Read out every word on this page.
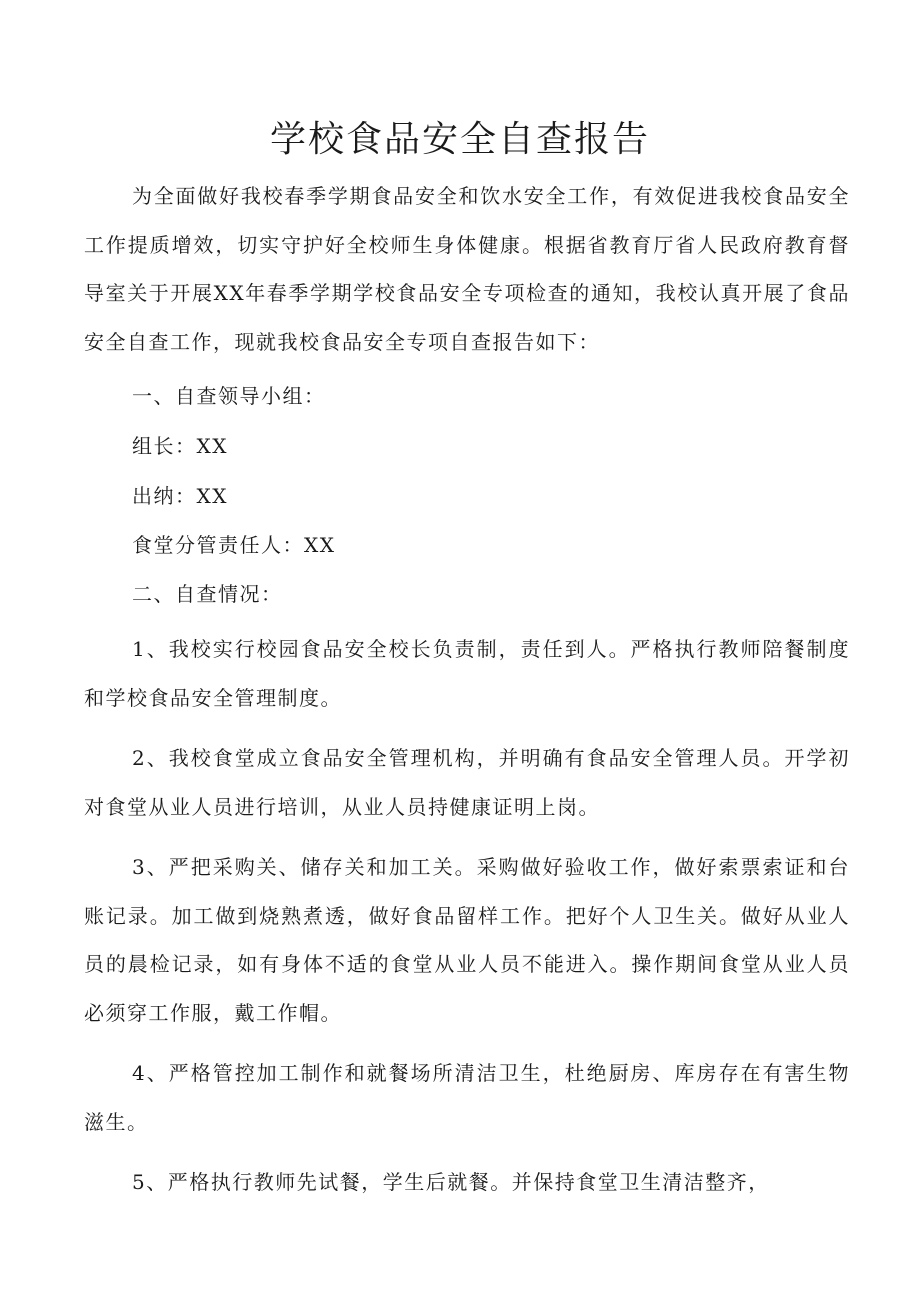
学校食品安全自查报告

为全面做好我校春季学期食品安全和饮水安全工作，有效促进我校食品安全工作提质增效，切实守护好全校师生身体健康。根据省教育厅省人民政府教育督导室关于开展XX年春季学期学校食品安全专项检查的通知，我校认真开展了食品安全自查工作，现就我校食品安全专项自查报告如下：

一、自查领导小组：

组长：XX

出纳：XX

食堂分管责任人：XX

二、自查情况：

1、我校实行校园食品安全校长负责制，责任到人。严格执行教师陪餐制度和学校食品安全管理制度。

2、我校食堂成立食品安全管理机构，并明确有食品安全管理人员。开学初对食堂从业人员进行培训，从业人员持健康证明上岗。

3、严把采购关、储存关和加工关。采购做好验收工作，做好索票索证和台账记录。加工做到烧熟煮透，做好食品留样工作。把好个人卫生关。做好从业人员的晨检记录，如有身体不适的食堂从业人员不能进入。操作期间食堂从业人员必须穿工作服，戴工作帽。

4、严格管控加工制作和就餐场所清洁卫生，杜绝厨房、库房存在有害生物滋生。

5、严格执行教师先试餐，学生后就餐。并保持食堂卫生清洁整齐，
